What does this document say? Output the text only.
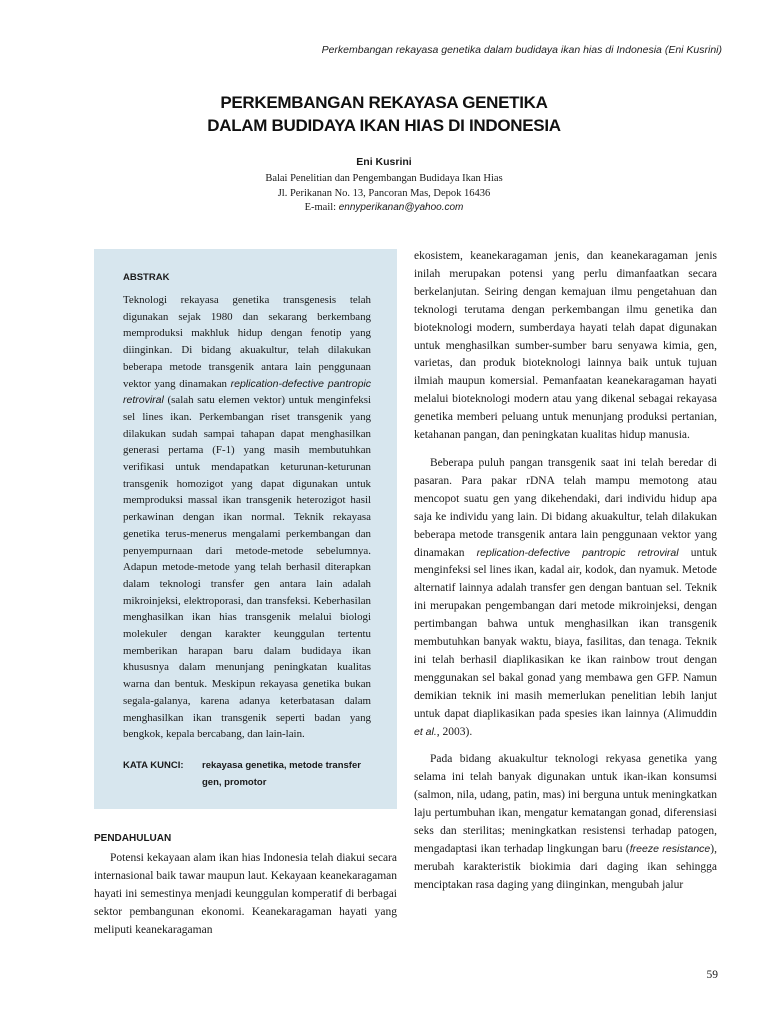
Perkembangan rekayasa genetika dalam budidaya ikan hias di Indonesia (Eni Kusrini)
PERKEMBANGAN REKAYASA GENETIKA
DALAM BUDIDAYA IKAN HIAS DI INDONESIA
Eni Kusrini
Balai Penelitian dan Pengembangan Budidaya Ikan Hias
Jl. Perikanan No. 13, Pancoran Mas, Depok 16436
E-mail: ennyperikanan@yahoo.com
ABSTRAK

Teknologi rekayasa genetika transgenesis telah digunakan sejak 1980 dan sekarang berkembang memproduksi makhluk hidup dengan fenotip yang diinginkan. Di bidang akuakultur, telah dilakukan beberapa metode transgenik antara lain penggunaan vektor yang dinamakan replication-defective pantropic retroviral (salah satu elemen vektor) untuk menginfeksi sel lines ikan. Perkembangan riset transgenik yang dilakukan sudah sampai tahapan dapat menghasilkan generasi pertama (F-1) yang masih membutuhkan verifikasi untuk mendapatkan keturunan-keturunan transgenik homozigot yang dapat digunakan untuk memproduksi massal ikan transgenik heterozigot hasil perkawinan dengan ikan normal. Teknik rekayasa genetika terus-menerus mengalami perkembangan dan penyempurnaan dari metode-metode sebelumnya. Adapun metode-metode yang telah berhasil diterapkan dalam teknologi transfer gen antara lain adalah mikroinjeksi, elektroporasi, dan transfeksi. Keberhasilan menghasilkan ikan hias transgenik melalui biologi molekuler dengan karakter keunggulan tertentu memberikan harapan baru dalam budidaya ikan khususnya dalam menunjang peningkatan kualitas warna dan bentuk. Meskipun rekayasa genetika bukan segala-galanya, karena adanya keterbatasan dalam menghasilkan ikan transgenik seperti badan yang bengkok, kepala bercabang, dan lain-lain.

KATA KUNCI: rekayasa genetika, metode transfer gen, promotor
PENDAHULUAN

Potensi kekayaan alam ikan hias Indonesia telah diakui secara internasional baik tawar maupun laut. Kekayaan keanekaragaman hayati ini semestinya menjadi keunggulan komperatif di berbagai sektor pembangunan ekonomi. Keanekaragaman hayati yang meliputi keanekaragaman

ekosistem, keanekaragaman jenis, dan keanekaragaman jenis inilah merupakan potensi yang perlu dimanfaatkan secara berkelanjutan. Seiring dengan kemajuan ilmu pengetahuan dan teknologi terutama dengan perkembangan ilmu genetika dan bioteknologi modern, sumberdaya hayati telah dapat digunakan untuk menghasilkan sumber-sumber baru senyawa kimia, gen, varietas, dan produk bioteknologi lainnya baik untuk tujuan ilmiah maupun komersial. Pemanfaatan keanekaragaman hayati melalui bioteknologi modern atau yang dikenal sebagai rekayasa genetika memberi peluang untuk menunjang produksi pertanian, ketahanan pangan, dan peningkatan kualitas hidup manusia.

Beberapa puluh pangan transgenik saat ini telah beredar di pasaran. Para pakar rDNA telah mampu memotong atau mencopot suatu gen yang dikehendaki, dari individu hidup apa saja ke individu yang lain. Di bidang akuakultur, telah dilakukan beberapa metode transgenik antara lain penggunaan vektor yang dinamakan replication-defective pantropic retroviral untuk menginfeksi sel lines ikan, kadal air, kodok, dan nyamuk. Metode alternatif lainnya adalah transfer gen dengan bantuan sel. Teknik ini merupakan pengembangan dari metode mikroinjeksi, dengan pertimbangan bahwa untuk menghasilkan ikan transgenik membutuhkan banyak waktu, biaya, fasilitas, dan tenaga. Teknik ini telah berhasil diaplikasikan ke ikan rainbow trout dengan menggunakan sel bakal gonad yang membawa gen GFP. Namun demikian teknik ini masih memerlukan penelitian lebih lanjut untuk dapat diaplikasikan pada spesies ikan lainnya (Alimuddin et al., 2003).

Pada bidang akuakultur teknologi rekyasa genetika yang selama ini telah banyak digunakan untuk ikan-ikan konsumsi (salmon, nila, udang, patin, mas) ini berguna untuk meningkatkan laju pertumbuhan ikan, mengatur kematangan gonad, diferensiasi seks dan sterilitas; meningkatkan resistensi terhadap patogen, mengadaptasi ikan terhadap lingkungan baru (freeze resistance), merubah karakteristik biokimia dari daging ikan sehingga menciptakan rasa daging yang diinginkan, mengubah jalur

59
